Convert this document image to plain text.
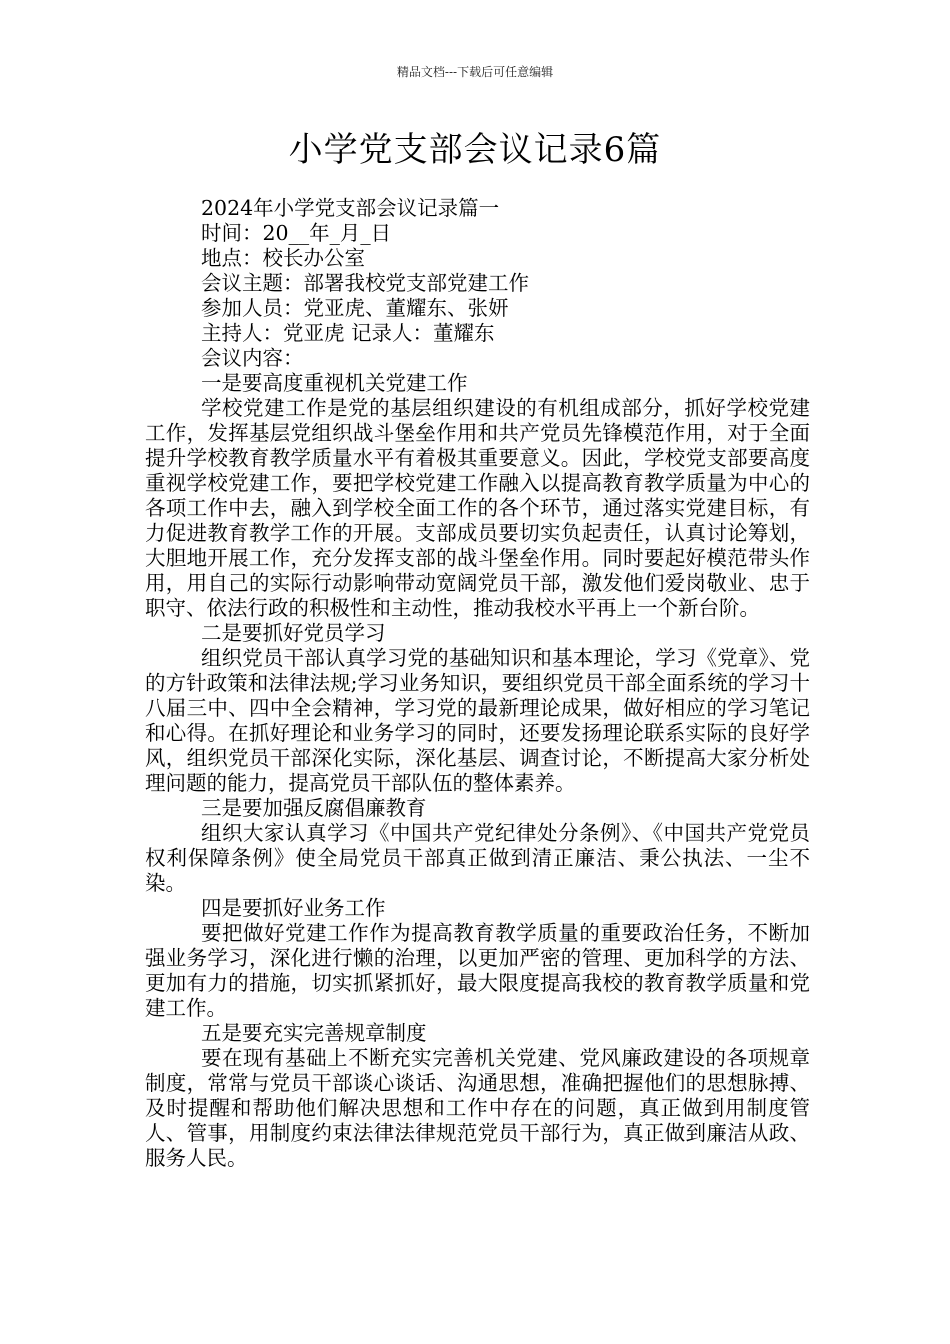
精品文档---下载后可任意编辑
小学党支部会议记录6篇

2024年小学党支部会议记录篇一

时间：20__年_月_日

地点：校长办公室

会议主题：部署我校党支部党建工作

参加人员：党亚虎、董耀东、张妍

主持人：党亚虎 记录人：董耀东

会议内容：

一是要高度重视机关党建工作

学校党建工作是党的基层组织建设的有机组成部分，抓好学校党建工作，发挥基层党组织战斗堡垒作用和共产党员先锋模范作用，对于全面提升学校教育教学质量水平有着极其重要意义。因此，学校党支部要高度重视学校党建工作，要把学校党建工作融入以提高教育教学质量为中心的各项工作中去，融入到学校全面工作的各个环节，通过落实党建目标，有力促进教育教学工作的开展。支部成员要切实负起责任，认真讨论筹划，大胆地开展工作，充分发挥支部的战斗堡垒作用。同时要起好模范带头作用，用自己的实际行动影响带动宽阔党员干部，激发他们爱岗敬业、忠于职守、依法行政的积极性和主动性，推动我校水平再上一个新台阶。

二是要抓好党员学习

组织党员干部认真学习党的基础知识和基本理论，学习《党章》、党的方针政策和法律法规;学习业务知识，要组织党员干部全面系统的学习十八届三中、四中全会精神，学习党的最新理论成果，做好相应的学习笔记和心得。在抓好理论和业务学习的同时，还要发扬理论联系实际的良好学风，组织党员干部深化实际，深化基层、调查讨论，不断提高大家分析处理问题的能力，提高党员干部队伍的整体素养。

三是要加强反腐倡廉教育

组织大家认真学习《中国共产党纪律处分条例》、《中国共产党党员权利保障条例》使全局党员干部真正做到清正廉洁、秉公执法、一尘不染。

四是要抓好业务工作

要把做好党建工作作为提高教育教学质量的重要政治任务，不断加强业务学习，深化进行懒的治理，以更加严密的管理、更加科学的方法、更加有力的措施，切实抓紧抓好，最大限度提高我校的教育教学质量和党建工作。

五是要充实完善规章制度

要在现有基础上不断充实完善机关党建、党风廉政建设的各项规章制度，常常与党员干部谈心谈话、沟通思想，准确把握他们的思想脉搏、及时提醒和帮助他们解决思想和工作中存在的问题，真正做到用制度管人、管事，用制度约束法律法律规范党员干部行为，真正做到廉洁从政、服务人民。
